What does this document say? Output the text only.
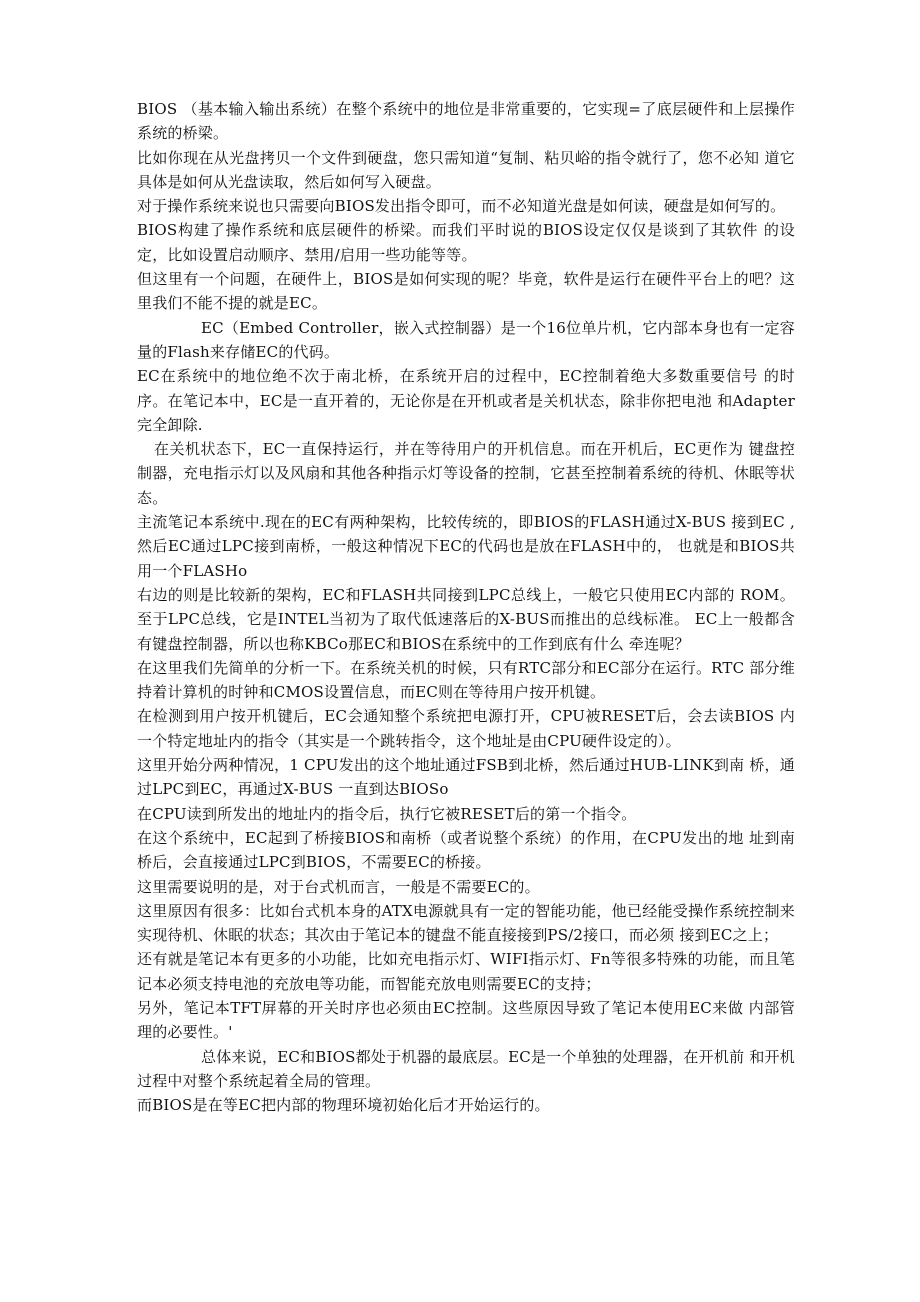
BIOS （基本输入输出系统）在整个系统中的地位是非常重要的，它实现=了底层硬件和上层操作系统的桥梁。

比如你现在从光盘拷贝一个文件到硬盘，您只需知道“复制、粘贝峪的指令就行了，您不必知 道它具体是如何从光盘读取，然后如何写入硬盘。

对于操作系统来说也只需要向BIOS发出指令即可，而不必知道光盘是如何读，硬盘是如何写的。

BIOS构建了操作系统和底层硬件的桥梁。而我们平时说的BIOS设定仅仅是谈到了其软件 的设定，比如设置启动顺序、禁用/启用一些功能等等。

但这里有一个问题，在硬件上，BIOS是如何实现的呢？毕竟，软件是运行在硬件平台上的吧？这里我们不能不提的就是EC。

EC（Embed Controller，嵌入式控制器）是一个16位单片机，它内部本身也有一定容量的Flash来存储EC的代码。

EC在系统中的地位绝不次于南北桥，在系统开启的过程中，EC控制着绝大多数重要信号 的时序。在笔记本中，EC是一直开着的，无论你是在开机或者是关机状态，除非你把电池 和Adapter完全卸除.

在关机状态下，EC一直保持运行，并在等待用户的开机信息。而在开机后，EC更作为 键盘控制器，充电指示灯以及风扇和其他各种指示灯等设备的控制，它甚至控制着系统的待机、休眠等状态。

主流笔记本系统中.现在的EC有两种架构，比较传统的，即BIOS的FLASH通过X-BUS 接到EC ,然后EC通过LPC接到南桥，一般这种情况下EC的代码也是放在FLASH中的， 也就是和BIOS共用一个FLASHo

右边的则是比较新的架构，EC和FLASH共同接到LPC总线上，一般它只使用EC内部的 ROM。至于LPC总线，它是INTEL当初为了取代低速落后的X-BUS而推出的总线标准。 EC上一般都含有键盘控制器，所以也称KBCo那EC和BIOS在系统中的工作到底有什么 牵连呢？

在这里我们先简单的分析一下。在系统关机的时候，只有RTC部分和EC部分在运行。RTC 部分维持着计算机的时钟和CMOS设置信息，而EC则在等待用户按开机键。

在检测到用户按开机键后，EC会通知整个系统把电源打开，CPU被RESET后，会去读BIOS 内一个特定地址内的指令（其实是一个跳转指令，这个地址是由CPU硬件设定的）。

这里开始分两种情况，1 CPU发出的这个地址通过FSB到北桥，然后通过HUB-LINK到南 桥，通过LPC到EC，再通过X-BUS 一直到达BIOSo

在CPU读到所发出的地址内的指令后，执行它被RESET后的第一个指令。

在这个系统中，EC起到了桥接BIOS和南桥（或者说整个系统）的作用，在CPU发出的地 址到南桥后，会直接通过LPC到BIOS，不需要EC的桥接。

这里需要说明的是，对于台式机而言，一般是不需要EC的。

这里原因有很多：比如台式机本身的ATX电源就具有一定的智能功能，他已经能受操作系统控制来实现待机、休眠的状态；其次由于笔记本的键盘不能直接接到PS/2接口，而必须 接到EC之上；

还有就是笔记本有更多的小功能，比如充电指示灯、WIFI指示灯、Fn等很多特殊的功能，而且笔记本必须支持电池的充放电等功能，而智能充放电则需要EC的支持；

另外，笔记本TFT屏幕的开关时序也必须由EC控制。这些原因导致了笔记本使用EC来做 内部管理的必要性。'

总体来说，EC和BIOS都处于机器的最底层。EC是一个单独的处理器，在开机前 和开机过程中对整个系统起着全局的管理。

而BIOS是在等EC把内部的物理环境初始化后才开始运行的。
